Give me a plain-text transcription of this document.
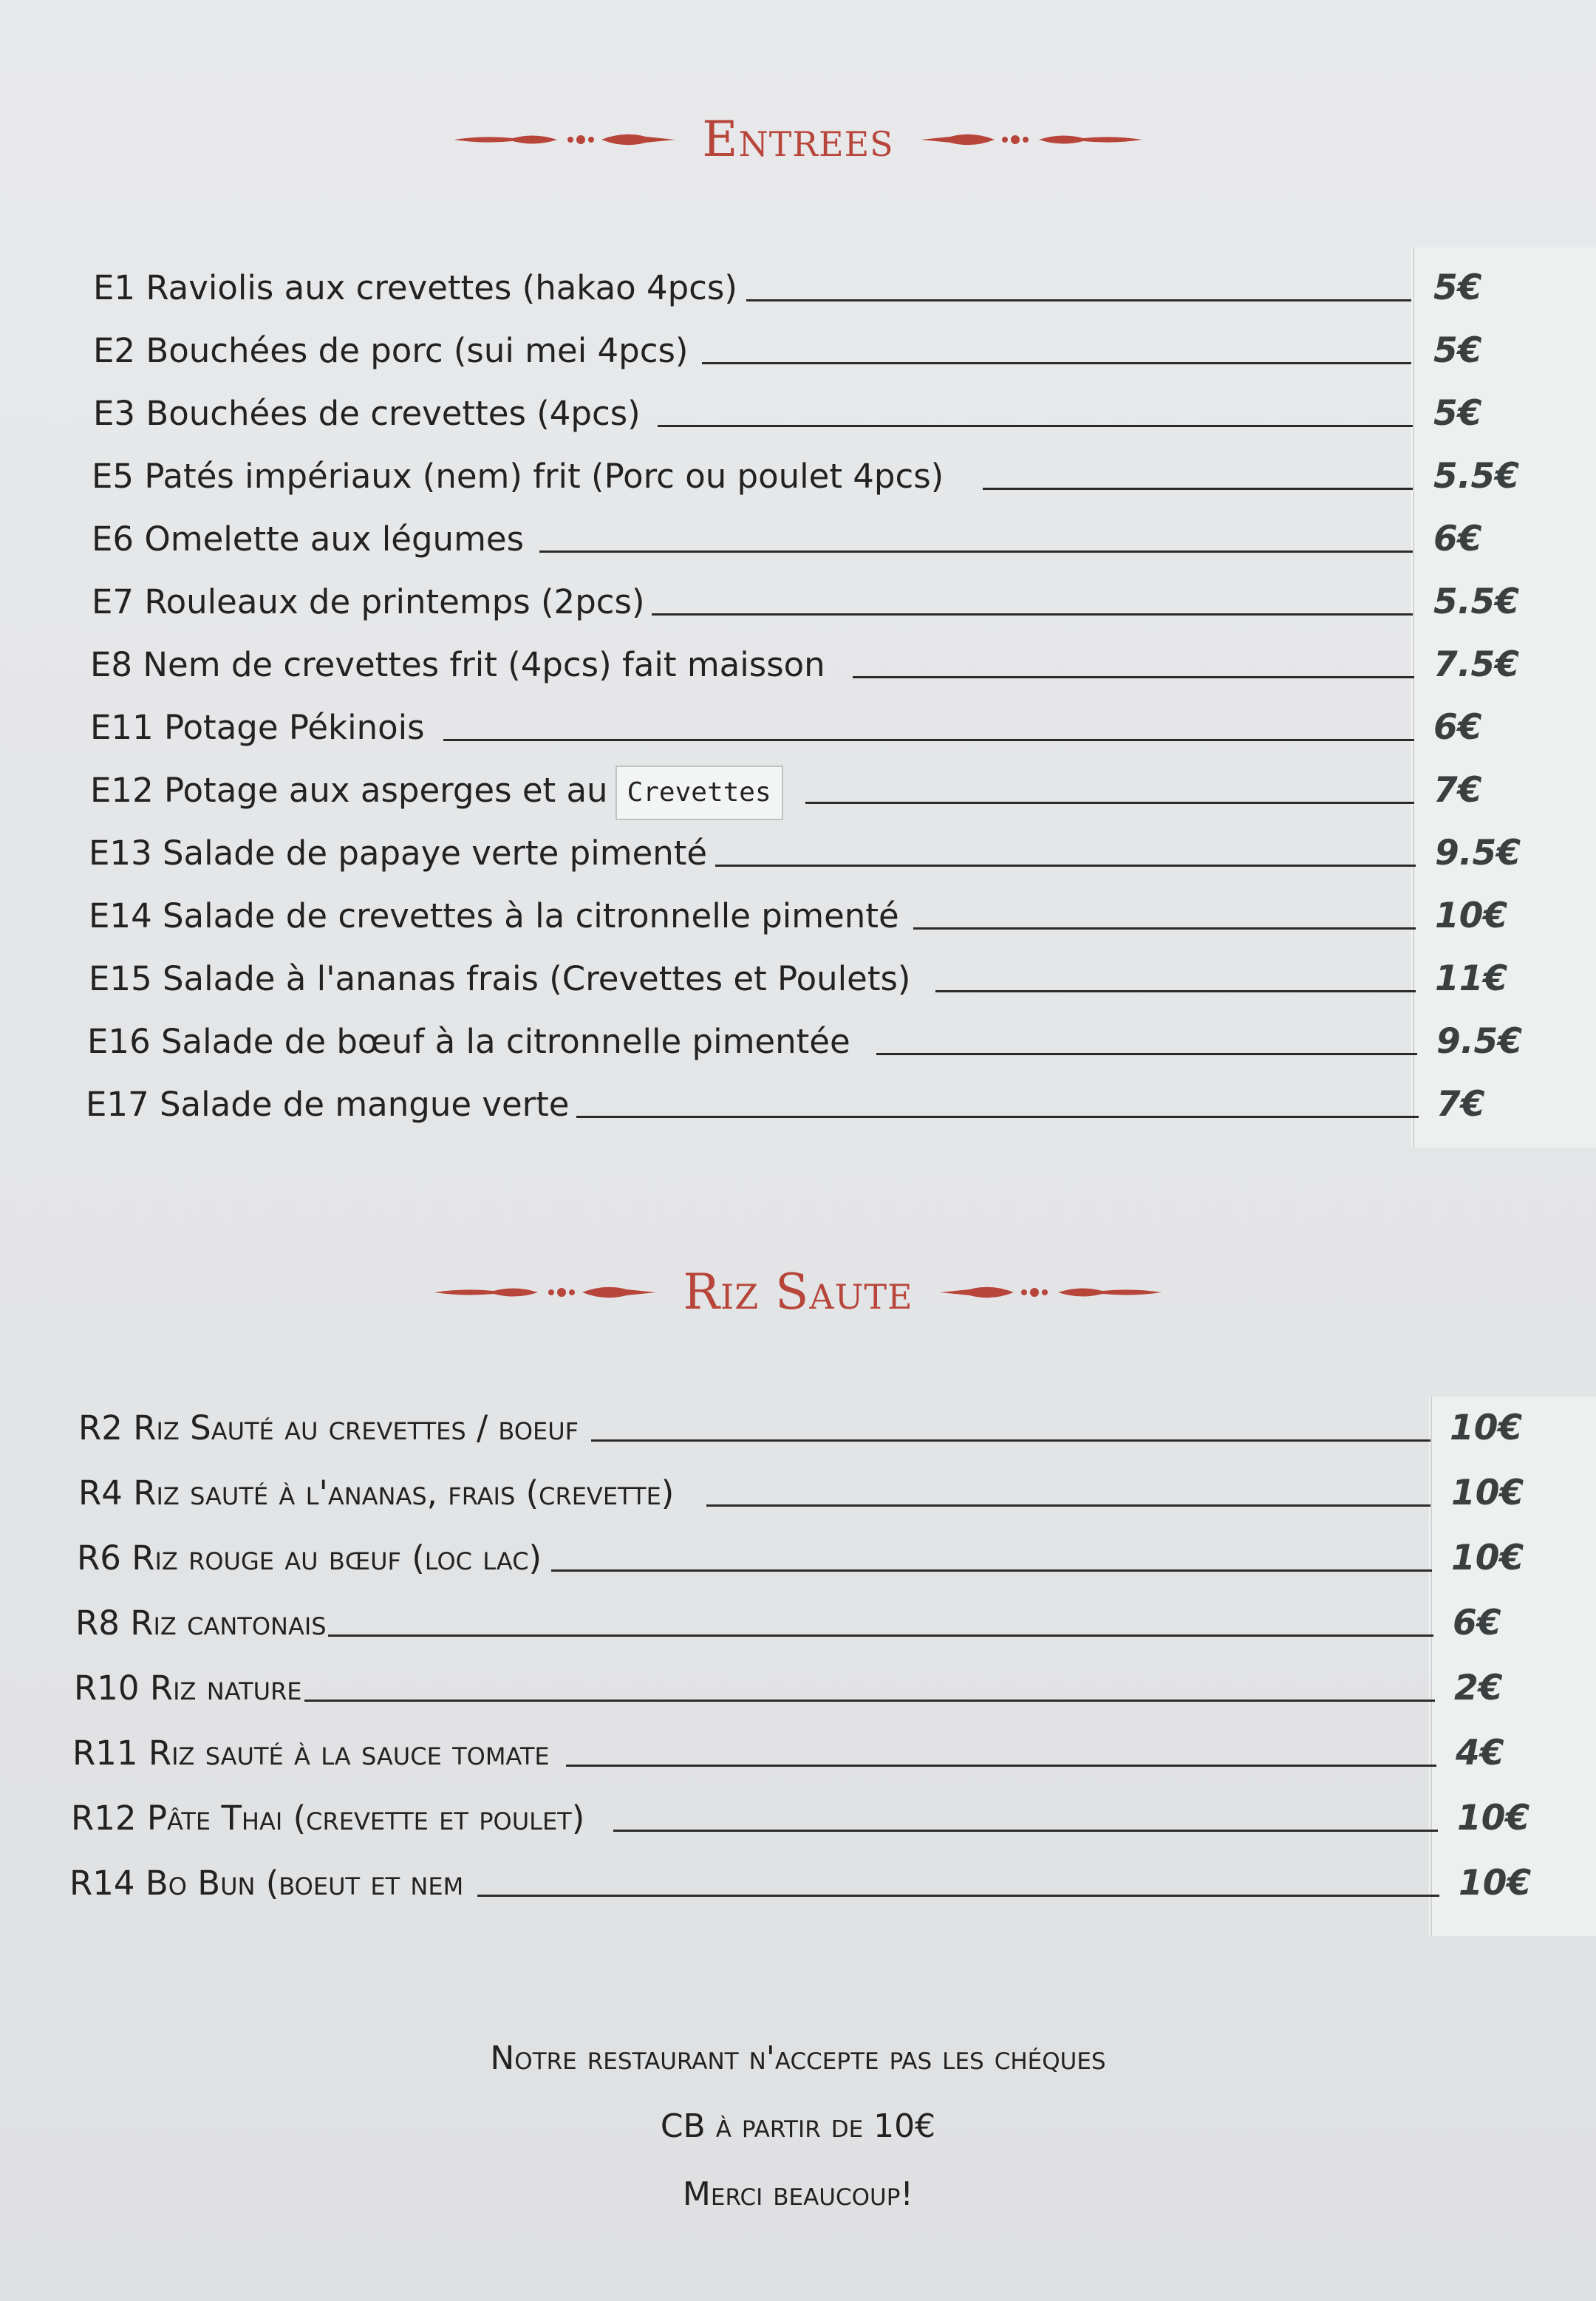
Entrees
E1 Raviolis aux crevettes (hakao 4pcs)	5€
E2 Bouchées de porc (sui mei 4pcs)	5€
E3 Bouchées de crevettes (4pcs)	5€
E5 Patés impériaux (nem) frit (Porc ou poulet 4pcs)	5.5€
E6 Omelette aux légumes	6€
E7 Rouleaux de printemps (2pcs)	5.5€
E8 Nem de crevettes frit (4pcs) fait maisson	7.5€
E11 Potage Pékinois	6€
E12 Potage aux asperges et au Crevettes	7€
E13 Salade de papaye verte pimenté	9.5€
E14 Salade de crevettes à la citronnelle pimenté	10€
E15 Salade à l'ananas frais (Crevettes et Poulets)	11€
E16 Salade de bœuf à la citronnelle pimentée	9.5€
E17 Salade de mangue verte	7€
Riz Saute
R2 Riz Sauté au crevettes / boeuf	10€
R4 Riz sauté à l'ananas, frais (crevette)	10€
R6 Riz rouge au bœuf (loc lac)	10€
R8 Riz cantonais	6€
R10 Riz nature	2€
R11 Riz sauté à la sauce tomate	4€
R12 Pâte Thai (crevette et poulet)	10€
R14 Bo Bun (boeut et nem	10€
Notre restaurant n'accepte pas les chéques
CB à partir de 10€
Merci beaucoup!
